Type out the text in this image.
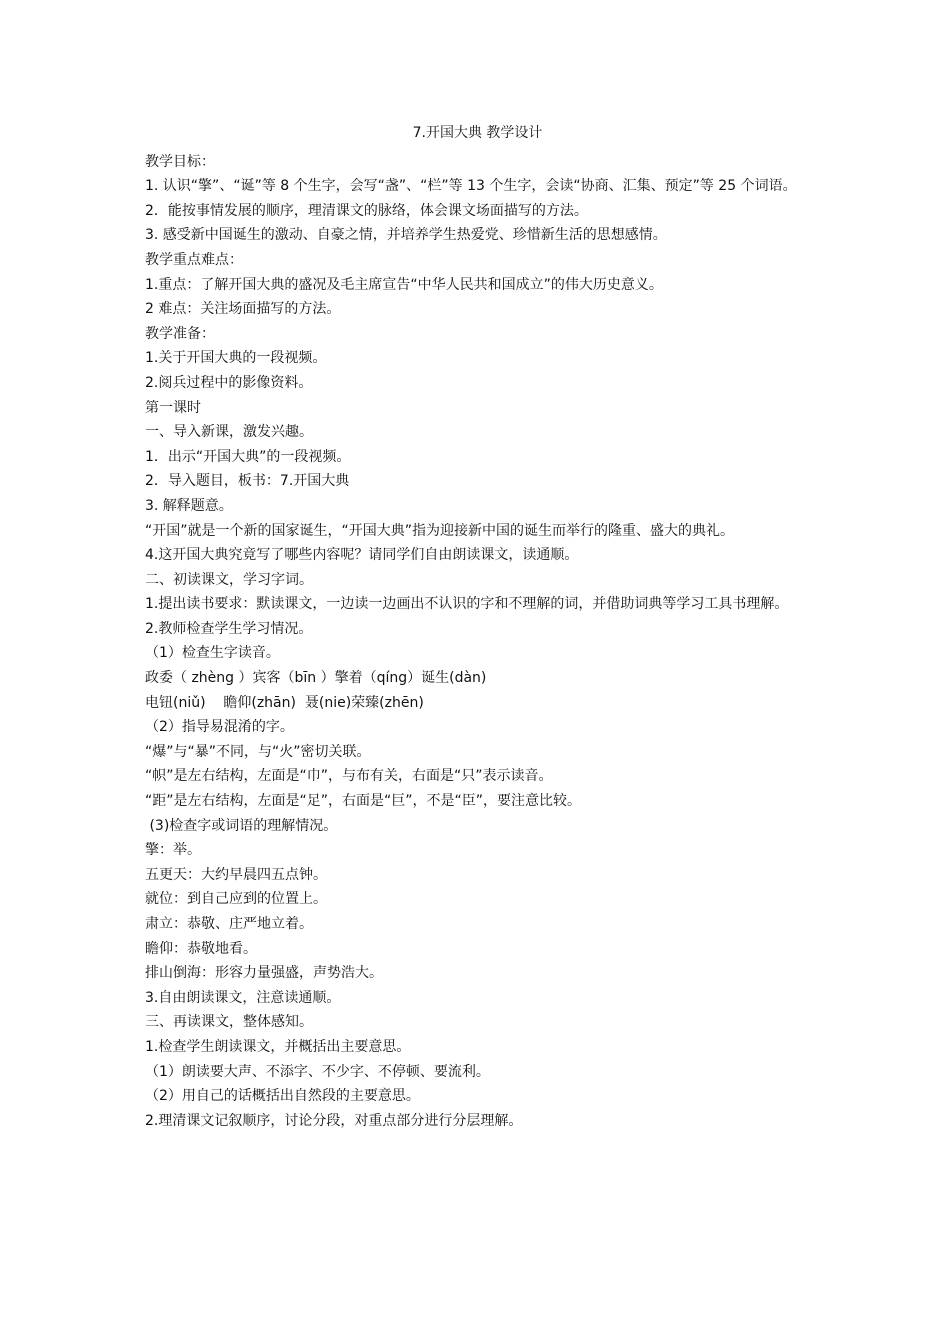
7.开国大典 教学设计

教学目标：

1. 认识“擎”、“诞”等 8 个生字，会写“盏”、“栏”等 13 个生字，会读“协商、汇集、预定”等 25 个词语。

2．能按事情发展的顺序，理清课文的脉络，体会课文场面描写的方法。

3. 感受新中国诞生的激动、自豪之情，并培养学生热爱党、珍惜新生活的思想感情。

教学重点难点：

1.重点：了解开国大典的盛况及毛主席宣告“中华人民共和国成立”的伟大历史意义。

2 难点：关注场面描写的方法。

教学准备：

1.关于开国大典的一段视频。

2.阅兵过程中的影像资料。

第一课时

一、导入新课，激发兴趣。

1．出示“开国大典”的一段视频。

2．导入题目，板书：7.开国大典

3. 解释题意。

“开国”就是一个新的国家诞生，“开国大典”指为迎接新中国的诞生而举行的隆重、盛大的典礼。

4.这开国大典究竟写了哪些内容呢？请同学们自由朗读课文，读通顺。

二、初读课文，学习字词。

1.提出读书要求：默读课文，一边读一边画出不认识的字和不理解的词，并借助词典等学习工具书理解。

2.教师检查学生学习情况。

（1）检查生字读音。

政委（ zhèng ）宾客（bīn ）擎着（qíng）诞生(dàn)

电钮(niǔ)    瞻仰(zhān)  聂(nie)荣臻(zhēn)

（2）指导易混淆的字。

“爆”与“暴”不同，与“火”密切关联。

“帜”是左右结构，左面是“巾”，与布有关，右面是“只”表示读音。

“距”是左右结构，左面是“足”，右面是“巨”，不是“臣”，要注意比较。

(3)检查字或词语的理解情况。

擎：举。

五更天：大约早晨四五点钟。

就位：到自己应到的位置上。

肃立：恭敬、庄严地立着。

瞻仰：恭敬地看。

排山倒海：形容力量强盛，声势浩大。

3.自由朗读课文，注意读通顺。

三、再读课文，整体感知。

1.检查学生朗读课文，并概括出主要意思。

（1）朗读要大声、不添字、不少字、不停顿、要流利。

（2）用自己的话概括出自然段的主要意思。

2.理清课文记叙顺序，讨论分段，对重点部分进行分层理解。
